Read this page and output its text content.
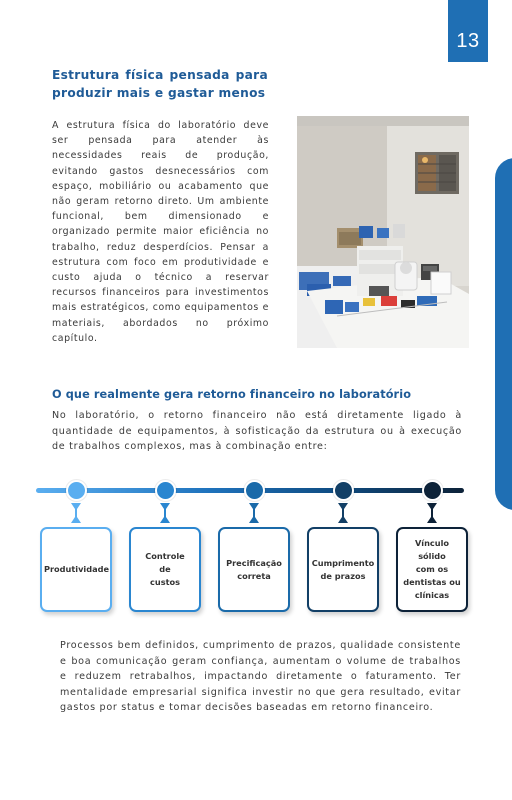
13
Estrutura física pensada para produzir mais e gastar menos

A estrutura física do laboratório deve ser pensada para atender às necessidades reais de produção, evitando gastos desnecessários com espaço, mobiliário ou acabamento que não geram retorno direto. Um ambiente funcional, bem dimensionado e organizado permite maior eficiência no trabalho, reduz desperdícios. Pensar a estrutura com foco em produtividade e custo ajuda o técnico a reservar recursos financeiros para investimentos mais estratégicos, como equipamentos e materiais, abordados no próximo capítulo.

O que realmente gera retorno financeiro no laboratório

No laboratório, o retorno financeiro não está diretamente ligado à quantidade de equipamentos, à sofisticação da estrutura ou à execução de trabalhos complexos, mas à combinação entre:

Produtividade
Controle
de
custos
Precificação
correta
Cumprimento
de prazos
Vínculo sólido
com os
dentistas ou
clínicas

Processos bem definidos, cumprimento de prazos, qualidade consistente e boa comunicação geram confiança, aumentam o volume de trabalhos e reduzem retrabalhos, impactando diretamente o faturamento. Ter mentalidade empresarial significa investir no que gera resultado, evitar gastos por status e tomar decisões baseadas em retorno financeiro.
